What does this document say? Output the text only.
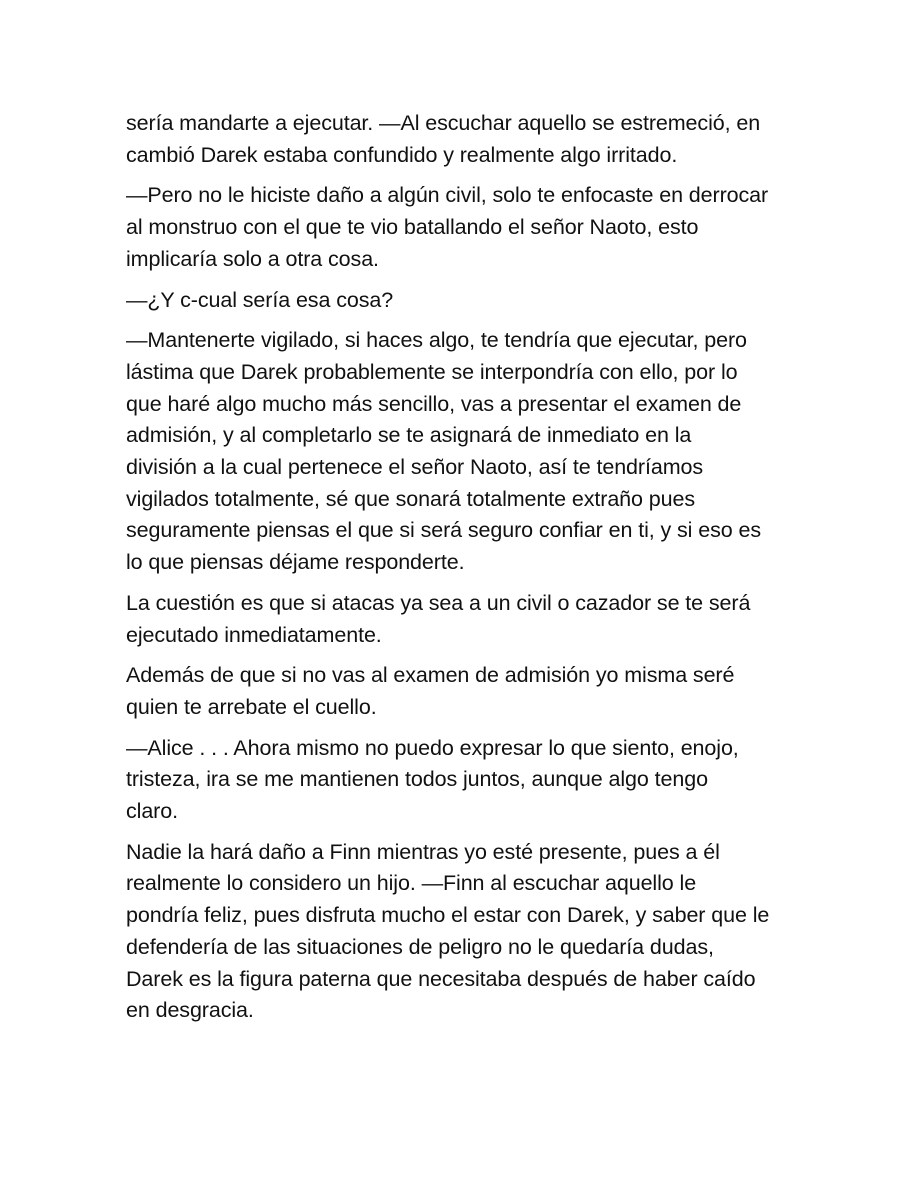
sería mandarte a ejecutar. —Al escuchar aquello se estremeció, en
cambió Darek estaba confundido y realmente algo irritado.

—Pero no le hiciste daño a algún civil, solo te enfocaste en derrocar
al monstruo con el que te vio batallando el señor Naoto, esto
implicaría solo a otra cosa.

—¿Y c-cual sería esa cosa?

—Mantenerte vigilado, si haces algo, te tendría que ejecutar, pero
lástima que Darek probablemente se interpondría con ello, por lo
que haré algo mucho más sencillo, vas a presentar el examen de
admisión, y al completarlo se te asignará de inmediato en la
división a la cual pertenece el señor Naoto, así te tendríamos
vigilados totalmente, sé que sonará totalmente extraño pues
seguramente piensas el que si será seguro confiar en ti, y si eso es
lo que piensas déjame responderte.

La cuestión es que si atacas ya sea a un civil o cazador se te será
ejecutado inmediatamente.

Además de que si no vas al examen de admisión yo misma seré
quien te arrebate el cuello.

—Alice . . . Ahora mismo no puedo expresar lo que siento, enojo,
tristeza, ira se me mantienen todos juntos, aunque algo tengo
claro.

Nadie la hará daño a Finn mientras yo esté presente, pues a él
realmente lo considero un hijo. —Finn al escuchar aquello le
pondría feliz, pues disfruta mucho el estar con Darek, y saber que le
defendería de las situaciones de peligro no le quedaría dudas,
Darek es la figura paterna que necesitaba después de haber caído
en desgracia.
